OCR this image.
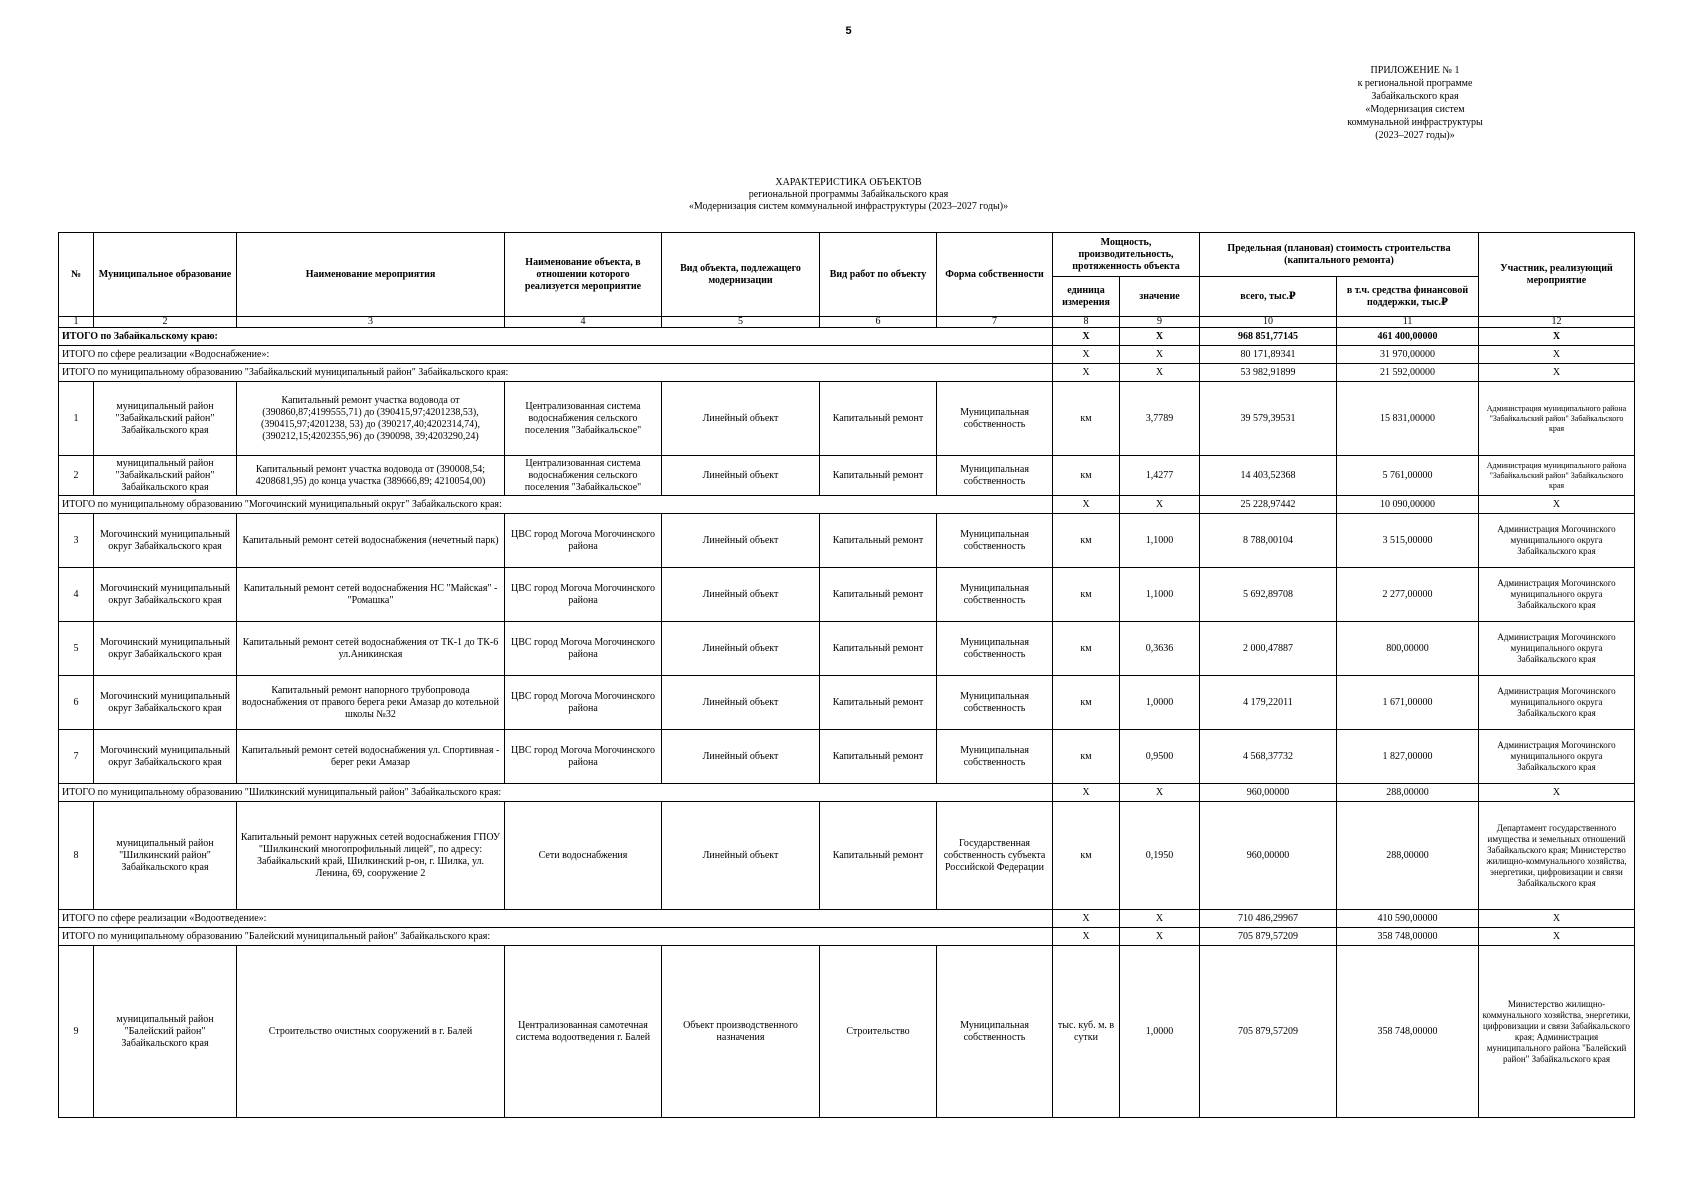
5
ПРИЛОЖЕНИЕ № 1
к региональной программе
Забайкальского края
«Модернизация систем
коммунальной инфраструктуры
(2023–2027 годы)»
ХАРАКТЕРИСТИКА ОБЪЕКТОВ
региональной программы Забайкальского края
«Модернизация систем коммунальной инфраструктуры (2023–2027 годы)»
№	Муниципальное образование	Наименование мероприятия	Наименование объекта, в отношении которого реализуется мероприятие	Вид объекта, подлежащего модернизации	Вид работ по объекту	Форма собственности	Мощность, производительность, протяженность объекта		Предельная (плановая) стоимость строительства (капитального ремонта)		Участник, реализующий мероприятие
							единица измерения	значение	всего, тыс.₽	в т.ч. средства финансовой поддержки, тыс.₽	
1	2	3	4	5	6	7	8	9	10	11	12
ИТОГО по Забайкальскому краю:							X	X	968 851,77145	461 400,00000	X
ИТОГО по сфере реализации «Водоснабжение»:							X	X	80 171,89341	31 970,00000	X
ИТОГО по муниципальному образованию "Забайкальский муниципальный район" Забайкальского края:							X	X	53 982,91899	21 592,00000	X
1	муниципальный район "Забайкальский район" Забайкальского края	Капитальный ремонт участка водовода от (390860,87;4199555,71) до (390415,97;4201238,53), (390415,97;4201238, 53) до (390217,40;4202314,74), (390212,15;4202355,96) до (390098, 39;4203290,24)	Централизованная система водоснабжения сельского поселения "Забайкальское"	Линейный объект	Капитальный ремонт	Муниципальная собственность	км	3,7789	39 579,39531	15 831,00000	Администрация муниципального района "Забайкальский район" Забайкальского края
2	муниципальный район "Забайкальский район" Забайкальского края	Капитальный ремонт участка водовода от (390008,54; 4208681,95) до конца участка (389666,89; 4210054,00)	Централизованная система водоснабжения сельского поселения "Забайкальское"	Линейный объект	Капитальный ремонт	Муниципальная собственность	км	1,4277	14 403,52368	5 761,00000	Администрация муниципального района "Забайкальский район" Забайкальского края
ИТОГО по муниципальному образованию "Могочинский муниципальный округ" Забайкальского края:							X	X	25 228,97442	10 090,00000	X
3	Могочинский муниципальный округ Забайкальского края	Капитальный ремонт сетей водоснабжения (нечетный парк)	ЦВС город Могоча Могочинского района	Линейный объект	Капитальный ремонт	Муниципальная собственность	км	1,1000	8 788,00104	3 515,00000	Администрация Могочинского муниципального округа Забайкальского края
4	Могочинский муниципальный округ Забайкальского края	Капитальный ремонт сетей водоснабжения НС "Майская" - "Ромашка"	ЦВС город Могоча Могочинского района	Линейный объект	Капитальный ремонт	Муниципальная собственность	км	1,1000	5 692,89708	2 277,00000	Администрация Могочинского муниципального округа Забайкальского края
5	Могочинский муниципальный округ Забайкальского края	Капитальный ремонт сетей водоснабжения от ТК-1 до ТК-6 ул.Аникинская	ЦВС город Могоча Могочинского района	Линейный объект	Капитальный ремонт	Муниципальная собственность	км	0,3636	2 000,47887	800,00000	Администрация Могочинского муниципального округа Забайкальского края
6	Могочинский муниципальный округ Забайкальского края	Капитальный ремонт напорного трубопровода водоснабжения от правого берега реки Амазар до котельной школы №32	ЦВС город Могоча Могочинского района	Линейный объект	Капитальный ремонт	Муниципальная собственность	км	1,0000	4 179,22011	1 671,00000	Администрация Могочинского муниципального округа Забайкальского края
7	Могочинский муниципальный округ Забайкальского края	Капитальный ремонт сетей водоснабжения ул. Спортивная - берег реки Амазар	ЦВС город Могоча Могочинского района	Линейный объект	Капитальный ремонт	Муниципальная собственность	км	0,9500	4 568,37732	1 827,00000	Администрация Могочинского муниципального округа Забайкальского края
ИТОГО по муниципальному образованию "Шилкинский муниципальный район" Забайкальского края:							X	X	960,00000	288,00000	X
8	муниципальный район "Шилкинский район" Забайкальского края	Капитальный ремонт наружных сетей водоснабжения ГПОУ "Шилкинский многопрофильный лицей", по адресу: Забайкальский край, Шилкинский р-он, г. Шилка, ул. Ленина, 69, сооружение 2	Сети водоснабжения	Линейный объект	Капитальный ремонт	Государственная собственность субъекта Российской Федерации	км	0,1950	960,00000	288,00000	Департамент государственного имущества и земельных отношений Забайкальского края; Министерство жилищно-коммунального хозяйства, энергетики, цифровизации и связи Забайкальского края
ИТОГО по сфере реализации «Водоотведение»:							X	X	710 486,29967	410 590,00000	X
ИТОГО по муниципальному образованию "Балейский муниципальный район" Забайкальского края:							X	X	705 879,57209	358 748,00000	X
9	муниципальный район "Балейский район" Забайкальского края	Строительство очистных сооружений в г. Балей	Централизованная самотечная система водоотведения г. Балей	Объект производственного назначения	Строительство	Муниципальная собственность	тыс. куб. м. в сутки	1,0000	705 879,57209	358 748,00000	Министерство жилищно-коммунального хозяйства, энергетики, цифровизации и связи Забайкальского края; Администрация муниципального района "Балейский район" Забайкальского края
